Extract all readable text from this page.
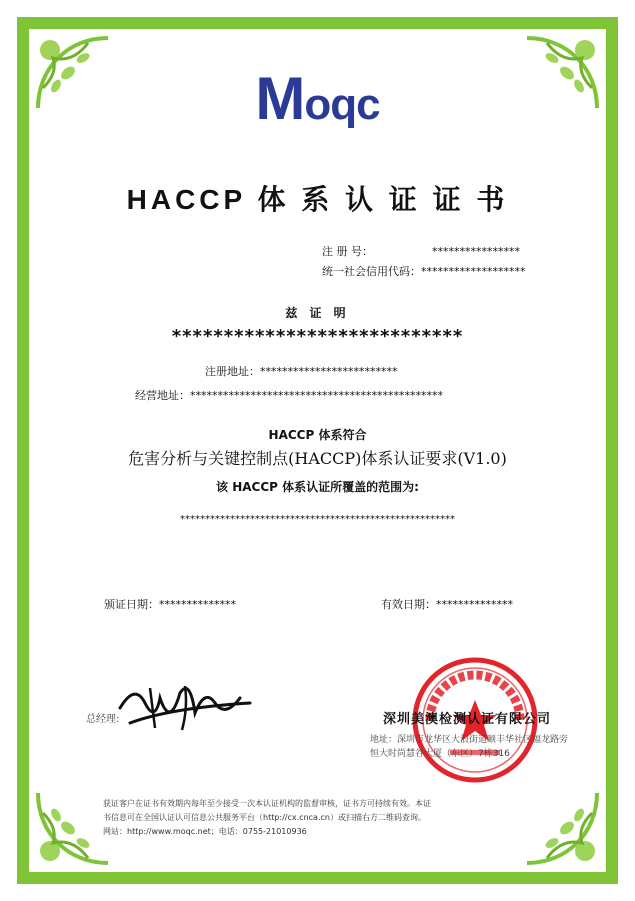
Moqc
HACCP 体 系 认 证 证 书
注 册 号：	****************
统一社会信用代码： *******************
兹 证 明
****************************
注册地址：*************************
经营地址：**********************************************
HACCP 体系符合
危害分析与关键控制点(HACCP)体系认证要求(V1.0)
该 HACCP 体系认证所覆盖的范围为:
*******************************************************
颁证日期：**************	有效日期：**************
总经理:	深圳美澳检测认证有限公司
地址：深圳市龙华区大浪街道颐丰华社区福龙路旁
恒大时尚慧谷大厦（东区）7栋316
获证客户在证书有效期内每年至少接受一次本认证机构的监督审核，证书方可持续有效。本证书信息可在全国认证认可信息公共服务平台（http://cx.cnca.cn）或扫描右方二维码查询。网站：http://www.moqc.net；电话：0755-21010936
